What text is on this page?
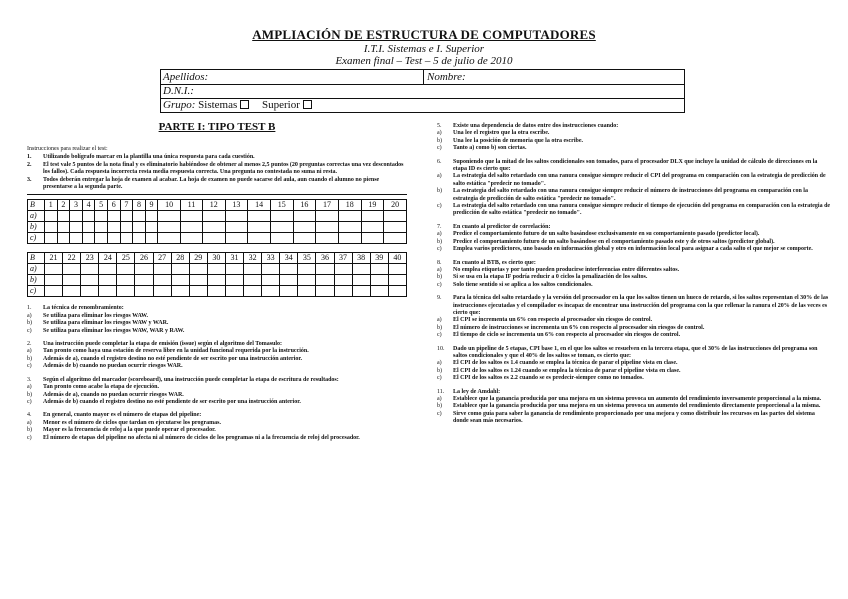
AMPLIACIÓN DE ESTRUCTURA DE COMPUTADORES
I.T.I. Sistemas e I. Superior
Examen final – Test – 5 de julio de 2010
Apellidos:	Nombre:
D.N.I.:
Grupo: Sistemas Superior
PARTE I: TIPO TEST B
Instrucciones para realizar el test:
1.	Utilizando bolígrafo marcar en la plantilla una única respuesta para cada cuestión.
2.	El test vale 5 puntos de la nota final y es eliminatorio habiéndose de obtener al menos 2,5 puntos (20 preguntas correctas una vez descontados los fallos). Cada respuesta incorrecta resta media respuesta correcta. Una pregunta no contestada no suma ni resta.
3.	Todos deberán entregar la hoja de examen al acabar. La hoja de examen no puede sacarse del aula, aun cuando el alumno no piense presentarse a la segunda parte.
B	1	2	3	4	5	6	7	8	9	10	11	12	13	14	15	16	17	18	19	20
a)																				
b)																				
c)																				
B	21	22	23	24	25	26	27	28	29	30	31	32	33	34	35	36	37	38	39	40
a)																				
b)																				
c)																				
1.	La técnica de renombramiento:
a)	Se utiliza para eliminar los riesgos WAW.
b)	Se utiliza para eliminar los riesgos WAW y WAR.
c)	Se utiliza para eliminar los riesgos WAW, WAR y RAW.
2.	Una instrucción puede completar la etapa de emisión (issue) según el algoritmo del Tomasulo:
a)	Tan pronto como haya una estación de reserva libre en la unidad funcional requerida por la instrucción.
b)	Además de a), cuando el registro destino no esté pendiente de ser escrito por una instrucción anterior.
c)	Además de b) cuando no puedan ocurrir riesgos WAR.
3.	Según el algoritmo del marcador (scoreboard), una instrucción puede completar la etapa de escritura de resultados:
a)	Tan pronto como acabe la etapa de ejecución.
b)	Además de a), cuando no puedan ocurrir riesgos WAR.
c)	Además de b) cuando el registro destino no esté pendiente de ser escrito por una instrucción anterior.
4.	En general, cuanto mayor es el número de etapas del pipeline:
a)	Menor es el número de ciclos que tardan en ejecutarse los programas.
b)	Mayor es la frecuencia de reloj a la que puede operar el procesador.
c)	El número de etapas del pipeline no afecta ni al número de ciclos de los programas ni a la frecuencia de reloj del procesador.
5.	Existe una dependencia de datos entre dos instrucciones cuando:
a)	Una lee el registro que la otra escribe.
b)	Una lee la posición de memoria que la otra escribe.
c)	Tanto a) como b) son ciertas.
6.	Suponiendo que la mitad de los saltos condicionales son tomados, para el procesador DLX que incluye la unidad de cálculo de direcciones en la etapa ID es cierto que:
a)	La estrategia del salto retardado con una ranura consigue siempre reducir el CPI del programa en comparación con la estrategia de predicción de salto estática "predecir no tomado".
b)	La estrategia del salto retardado con una ranura consigue siempre reducir el número de instrucciones del programa en comparación con la estrategia de predicción de salto estática "predecir no tomado".
c)	La estrategia del salto retardado con una ranura consigue siempre reducir el tiempo de ejecución del programa en comparación con la estrategia de predicción de salto estática "predecir no tomado".
7.	En cuanto al predictor de correlación:
a)	Predice el comportamiento futuro de un salto basándose exclusivamente en su comportamiento pasado (predictor local).
b)	Predice el comportamiento futuro de un salto basándose en el comportamiento pasado este y de otros saltos (predictor global).
c)	Emplea varios predictores, uno basado en información global y otro en información local para asignar a cada salto el que mejor se comporte.
8.	En cuanto al BTB, es cierto que:
a)	No emplea etiquetas y por tanto pueden producirse interferencias entre diferentes saltos.
b)	Si se usa en la etapa IF podría reducir a 0 ciclos la penalización de los saltos.
c)	Solo tiene sentido si se aplica a los saltos condicionales.
9.	Para la técnica del salto retardado y la versión del procesador en la que los saltos tienen un hueco de retardo, si los saltos representan el 30% de las instrucciones ejecutadas y el compilador es incapaz de encontrar una instrucción del programa con la que rellenar la ranura el 20% de las veces es cierto que:
a)	El CPI se incrementa un 6% con respecto al procesador sin riesgos de control.
b)	El número de instrucciones se incrementa un 6% con respecto al procesador sin riesgos de control.
c)	El tiempo de ciclo se incrementa un 6% con respecto al procesador sin riesgos de control.
10.	Dado un pipeline de 5 etapas, CPI base 1, en el que los saltos se resuelven en la tercera etapa, que el 30% de las instrucciones del programa son saltos condicionales y que el 40% de los saltos se toman, es cierto que:
a)	El CPI de los saltos es 1.4 cuando se emplea la técnica de parar el pipeline vista en clase.
b)	El CPI de los saltos es 1.24 cuando se emplea la técnica de parar el pipeline vista en clase.
c)	El CPI de los saltos es 2.2 cuando se es predecir-siempre como no tomados.
11.	La ley de Amdahl:
a)	Establece que la ganancia producida por una mejora en un sistema provoca un aumento del rendimiento inversamente proporcional a la misma.
b)	Establece que la ganancia producida por una mejora en un sistema provoca un aumento del rendimiento directamente proporcional a la misma.
c)	Sirve como guía para saber la ganancia de rendimiento proporcionado por una mejora y como distribuir los recursos en las partes del sistema donde sean más necesarios.
